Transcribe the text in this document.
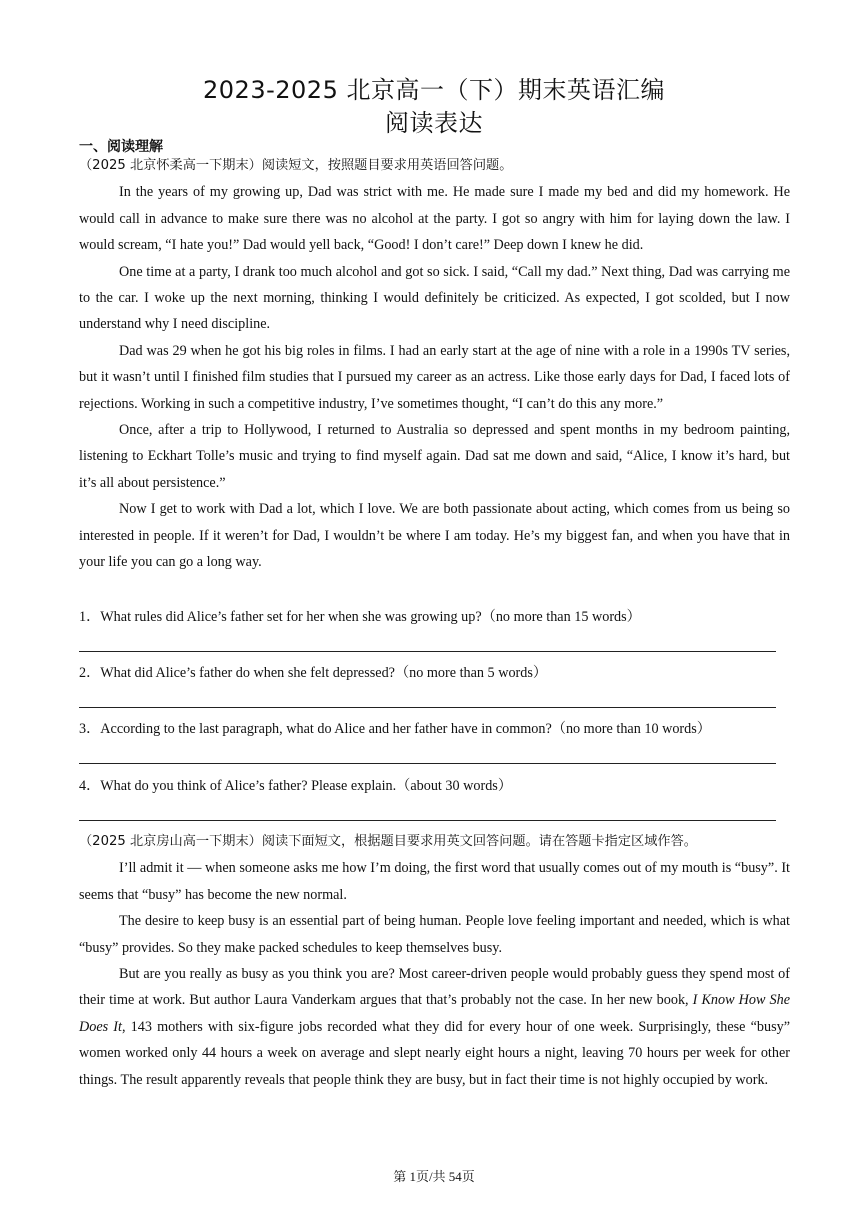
2023-2025 北京高一（下）期末英语汇编
阅读表达
一、阅读理解

（2025 北京怀柔高一下期末）阅读短文，按照题目要求用英语回答问题。

In the years of my growing up, Dad was strict with me. He made sure I made my bed and did my homework. He would call in advance to make sure there was no alcohol at the party. I got so angry with him for laying down the law. I would scream, “I hate you!” Dad would yell back, “Good! I don’t care!” Deep down I knew he did.

One time at a party, I drank too much alcohol and got so sick. I said, “Call my dad.” Next thing, Dad was carrying me to the car. I woke up the next morning, thinking I would definitely be criticized. As expected, I got scolded, but I now understand why I need discipline.

Dad was 29 when he got his big roles in films. I had an early start at the age of nine with a role in a 1990s TV series, but it wasn’t until I finished film studies that I pursued my career as an actress. Like those early days for Dad, I faced lots of rejections. Working in such a competitive industry, I’ve sometimes thought, “I can’t do this any more.”

Once, after a trip to Hollywood, I returned to Australia so depressed and spent months in my bedroom painting, listening to Eckhart Tolle’s music and trying to find myself again. Dad sat me down and said, “Alice, I know it’s hard, but it’s all about persistence.”

Now I get to work with Dad a lot, which I love. We are both passionate about acting, which comes from us being so interested in people. If it weren’t for Dad, I wouldn’t be where I am today. He’s my biggest fan, and when you have that in your life you can go a long way.

1．What rules did Alice’s father set for her when she was growing up?（no more than 15 words）
2．What did Alice’s father do when she felt depressed?（no more than 5 words）
3．According to the last paragraph, what do Alice and her father have in common?（no more than 10 words）
4．What do you think of Alice’s father? Please explain.（about 30 words）

（2025 北京房山高一下期末）阅读下面短文，根据题目要求用英文回答问题。请在答题卡指定区域作答。

I’ll admit it — when someone asks me how I’m doing, the first word that usually comes out of my mouth is “busy”. It seems that “busy” has become the new normal.

The desire to keep busy is an essential part of being human. People love feeling important and needed, which is what “busy” provides. So they make packed schedules to keep themselves busy.

But are you really as busy as you think you are? Most career-driven people would probably guess they spend most of their time at work. But author Laura Vanderkam argues that that’s probably not the case. In her new book, I Know How She Does It, 143 mothers with six-figure jobs recorded what they did for every hour of one week. Surprisingly, these “busy” women worked only 44 hours a week on average and slept nearly eight hours a night, leaving 70 hours per week for other things. The result apparently reveals that people think they are busy, but in fact their time is not highly occupied by work.

第 1页/共 54页
